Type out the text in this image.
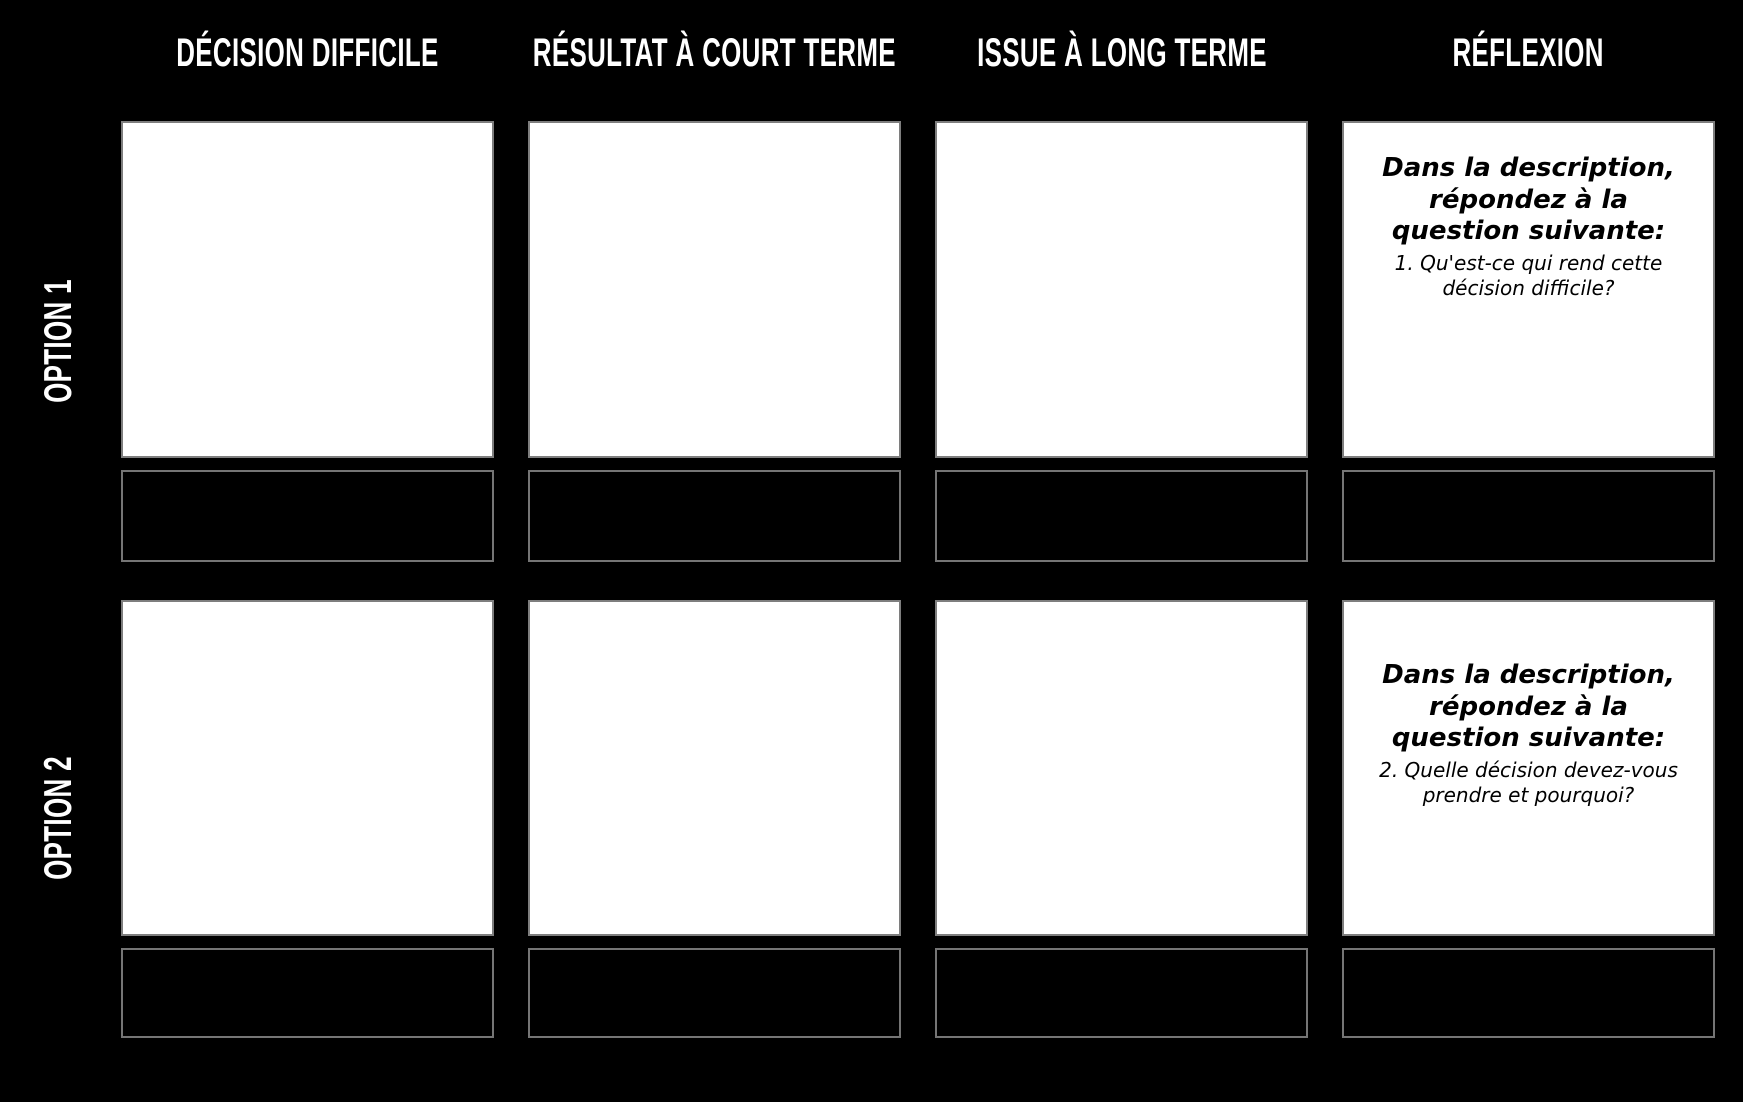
DÉCISION DIFFICILE	RÉSULTAT À COURT TERME ISSUE À LONG TERME	RÉFLEXION
OPTION 1
OPTION 2
Dans la description, répondez à la question suivante:
1. Qu'est-ce qui rend cette décision difficile?
Dans la description, répondez à la question suivante:
2. Quelle décision devez-vous prendre et pourquoi?
